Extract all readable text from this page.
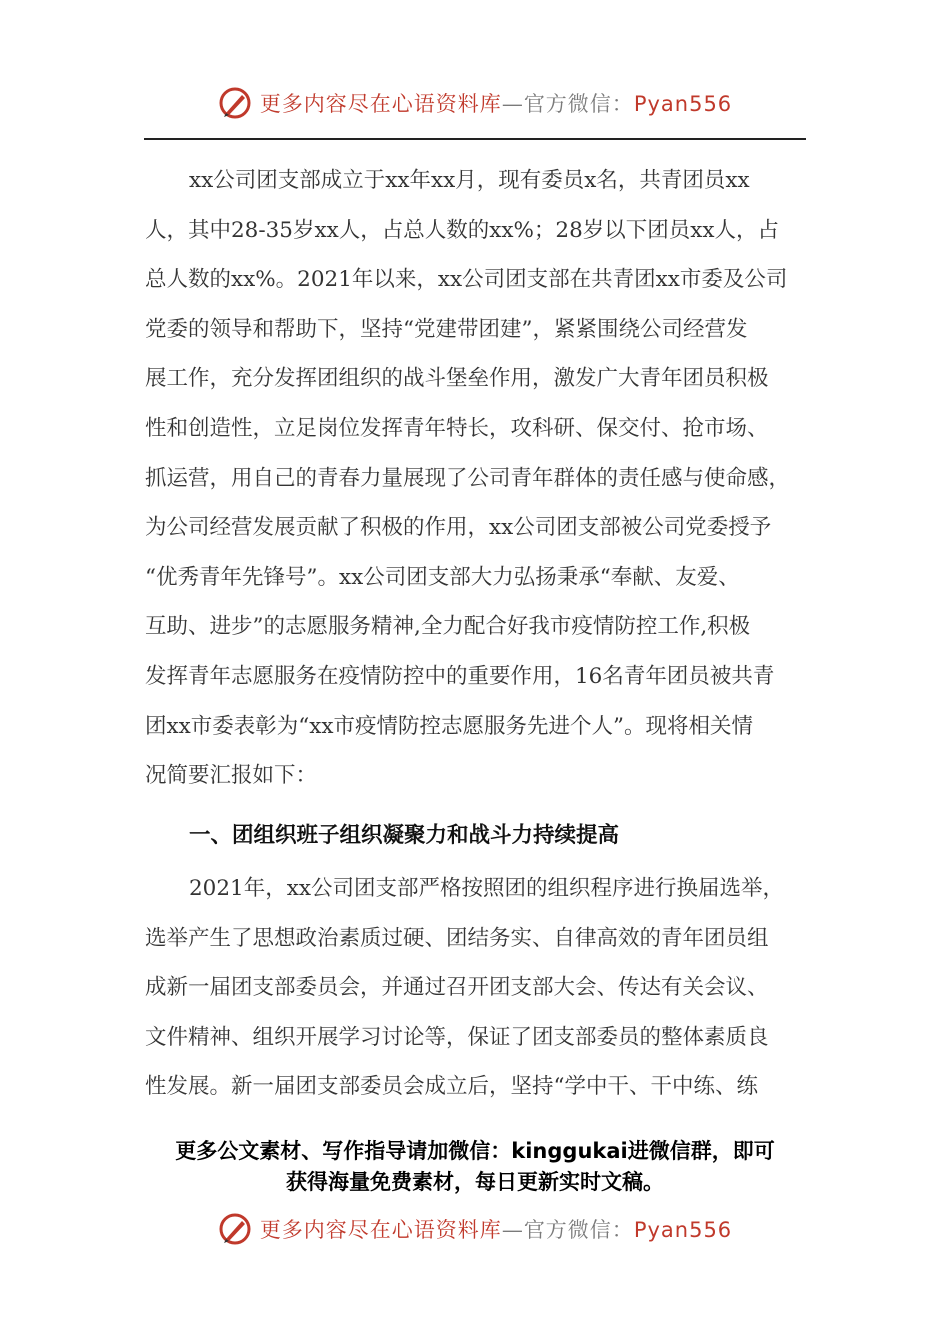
更多内容尽在心语资料库—官方微信：Pyan556
xx公司团支部成立于xx年xx月，现有委员x名，共青团员xx
人，其中28-35岁xx人，占总人数的xx%；28岁以下团员xx人，占
总人数的xx%。2021年以来，xx公司团支部在共青团xx市委及公司
党委的领导和帮助下，坚持“党建带团建”，紧紧围绕公司经营发
展工作，充分发挥团组织的战斗堡垒作用，激发广大青年团员积极
性和创造性，立足岗位发挥青年特长，攻科研、保交付、抢市场、
抓运营，用自己的青春力量展现了公司青年群体的责任感与使命感，
为公司经营发展贡献了积极的作用，xx公司团支部被公司党委授予
“优秀青年先锋号”。xx公司团支部大力弘扬秉承“奉献、友爱、
互助、进步”的志愿服务精神,全力配合好我市疫情防控工作,积极
发挥青年志愿服务在疫情防控中的重要作用，16名青年团员被共青
团xx市委表彰为“xx市疫情防控志愿服务先进个人”。现将相关情
况简要汇报如下：
一、团组织班子组织凝聚力和战斗力持续提高
2021年，xx公司团支部严格按照团的组织程序进行换届选举，
选举产生了思想政治素质过硬、团结务实、自律高效的青年团员组
成新一届团支部委员会，并通过召开团支部大会、传达有关会议、
文件精神、组织开展学习讨论等，保证了团支部委员的整体素质良
性发展。新一届团支部委员会成立后，坚持“学中干、干中练、练
更多公文素材、写作指导请加微信：kinggukai进微信群，即可
获得海量免费素材，每日更新实时文稿。
更多内容尽在心语资料库—官方微信：Pyan556
